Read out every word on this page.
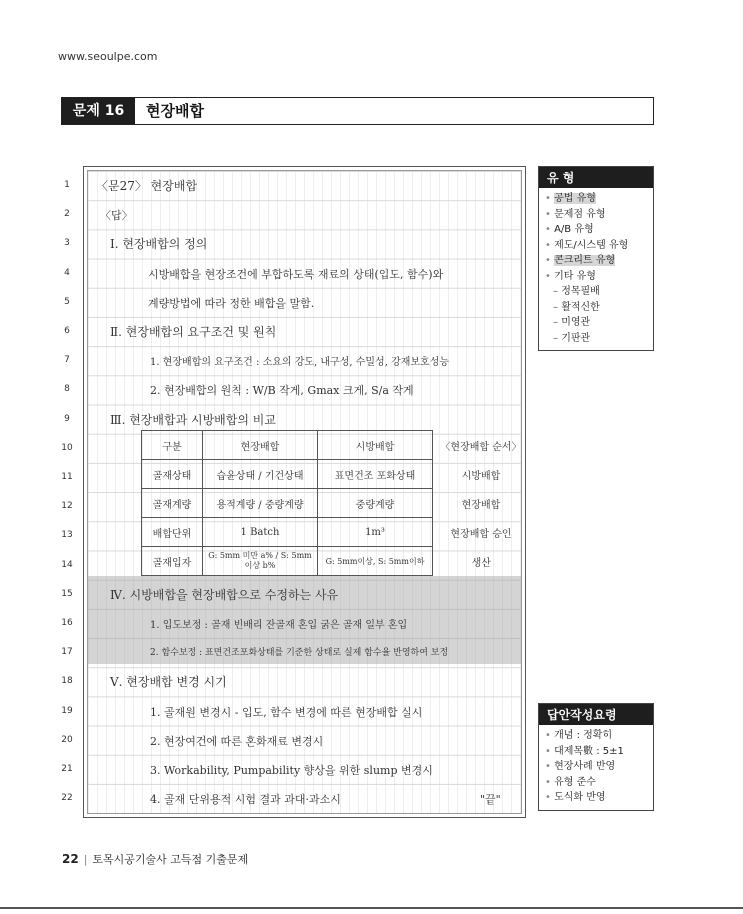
www.seoulpe.com
문제 16	현장배합
1
2
3
4
5
6
7
8
9
10
11
12
13
14
15
16
17
18
19
20
21
22
〈문27〉 현장배합
〈답〉
Ⅰ. 현장배합의 정의
시방배합을 현장조건에 부합하도록 재료의 상태(입도, 함수)와
계량방법에 따라 정한 배합을 말함.
Ⅱ. 현장배합의 요구조건 및 원칙
1. 현장배합의 요구조건 : 소요의 강도, 내구성, 수밀성, 강재보호성능
2. 현장배합의 원칙 : W/B 작게, Gmax 크게, S/a 작게
Ⅲ. 현장배합과 시방배합의 비교
구분	현장배합	시방배합	〈현장배합 순서〉
골재상태	습윤상태 / 기건상태	표면건조 포화상태	시방배합
골재계량	용적계량 / 중량계량	중량계량	현장배합
배합단위	1 Batch	1m³	현장배합 승인
골재입자	G: 5mm 미만 a% / S: 5mm 이상 b%	G: 5mm이상, S: 5mm이하	생산
Ⅳ. 시방배합을 현장배합으로 수정하는 사유
1. 입도보정 : 골재 빈배리 잔골재 혼입 굵은 골재 일부 혼입
2. 함수보정 : 표면건조포화상태를 기준한 상태로 실제 함수율 반영하여 보정
Ⅴ. 현장배합 변경 시기
1. 골재원 변경시 - 입도, 함수 변경에 따른 현장배합 실시
2. 현장여건에 따른 혼화재료 변경시
3. Workability, Pumpability 향상을 위한 slump 변경시
4. 골재 단위용적 시험 결과 과대·과소시	"끝"
유 형
• 공법 유형
• 문제점 유형
• A/B 유형
• 제도/시스템 유형
• 콘크리트 유형
• 기타 유형
– 정목필배
– 활적신한
– 미영관
– 기판관
답안작성요령
• 개념 : 정확히
• 대제목數 : 5±1
• 현장사례 반영
• 유형 준수
• 도식화 반영
22 | 토목시공기술사 고득점 기출문제
